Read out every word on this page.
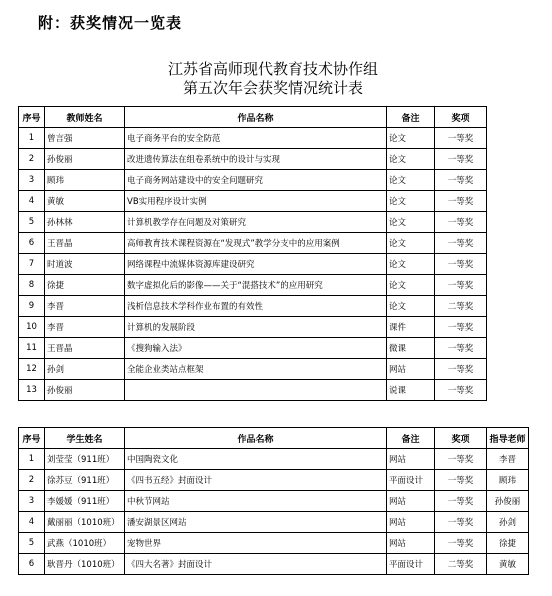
附：获奖情况一览表
江苏省高师现代教育技术协作组
第五次年会获奖情况统计表
序号	教师姓名	作品名称	备注	奖项	
1	曾言强	电子商务平台的安全防范	论文	一等奖	
2	孙俊丽	改进遗传算法在组卷系统中的设计与实现	论文	一等奖	
3	顾玮	电子商务网站建设中的安全问题研究	论文	一等奖	
4	黄敏	VB实用程序设计实例	论文	一等奖	
5	孙林林	计算机教学存在问题及对策研究	论文	一等奖	
6	王晋晶	高师教育技术课程资源在“发现式”教学分支中的应用案例	论文	一等奖	
7	时道波	网络课程中流媒体资源库建设研究	论文	一等奖	
8	徐捷	数字虚拟化后的影像——关于“混搭技术”的应用研究	论文	一等奖	
9	李晋	浅析信息技术学科作业布置的有效性	论文	二等奖	
10	李晋	计算机的发展阶段	课件	一等奖	
11	王晋晶	《搜狗输入法》	微课	一等奖	
12	孙剑	全能企业类站点框架	网站	一等奖	
13	孙俊丽		说课	一等奖	
序号	学生姓名	作品名称	备注	奖项	指导老师
1	刘莹莹（911班）	中国陶瓷文化	网站	一等奖	李晋
2	徐苏豆（911班）	《四书五经》封面设计	平面设计	一等奖	顾玮
3	李媛媛（911班）	中秋节网站	网站	一等奖	孙俊丽
4	戴丽丽（1010班）	潘安湖景区网站	网站	一等奖	孙剑
5	武燕（1010班）	宠物世界	网站	一等奖	徐捷
6	耿晋丹（1010班）	《四大名著》封面设计	平面设计	二等奖	黄敏
